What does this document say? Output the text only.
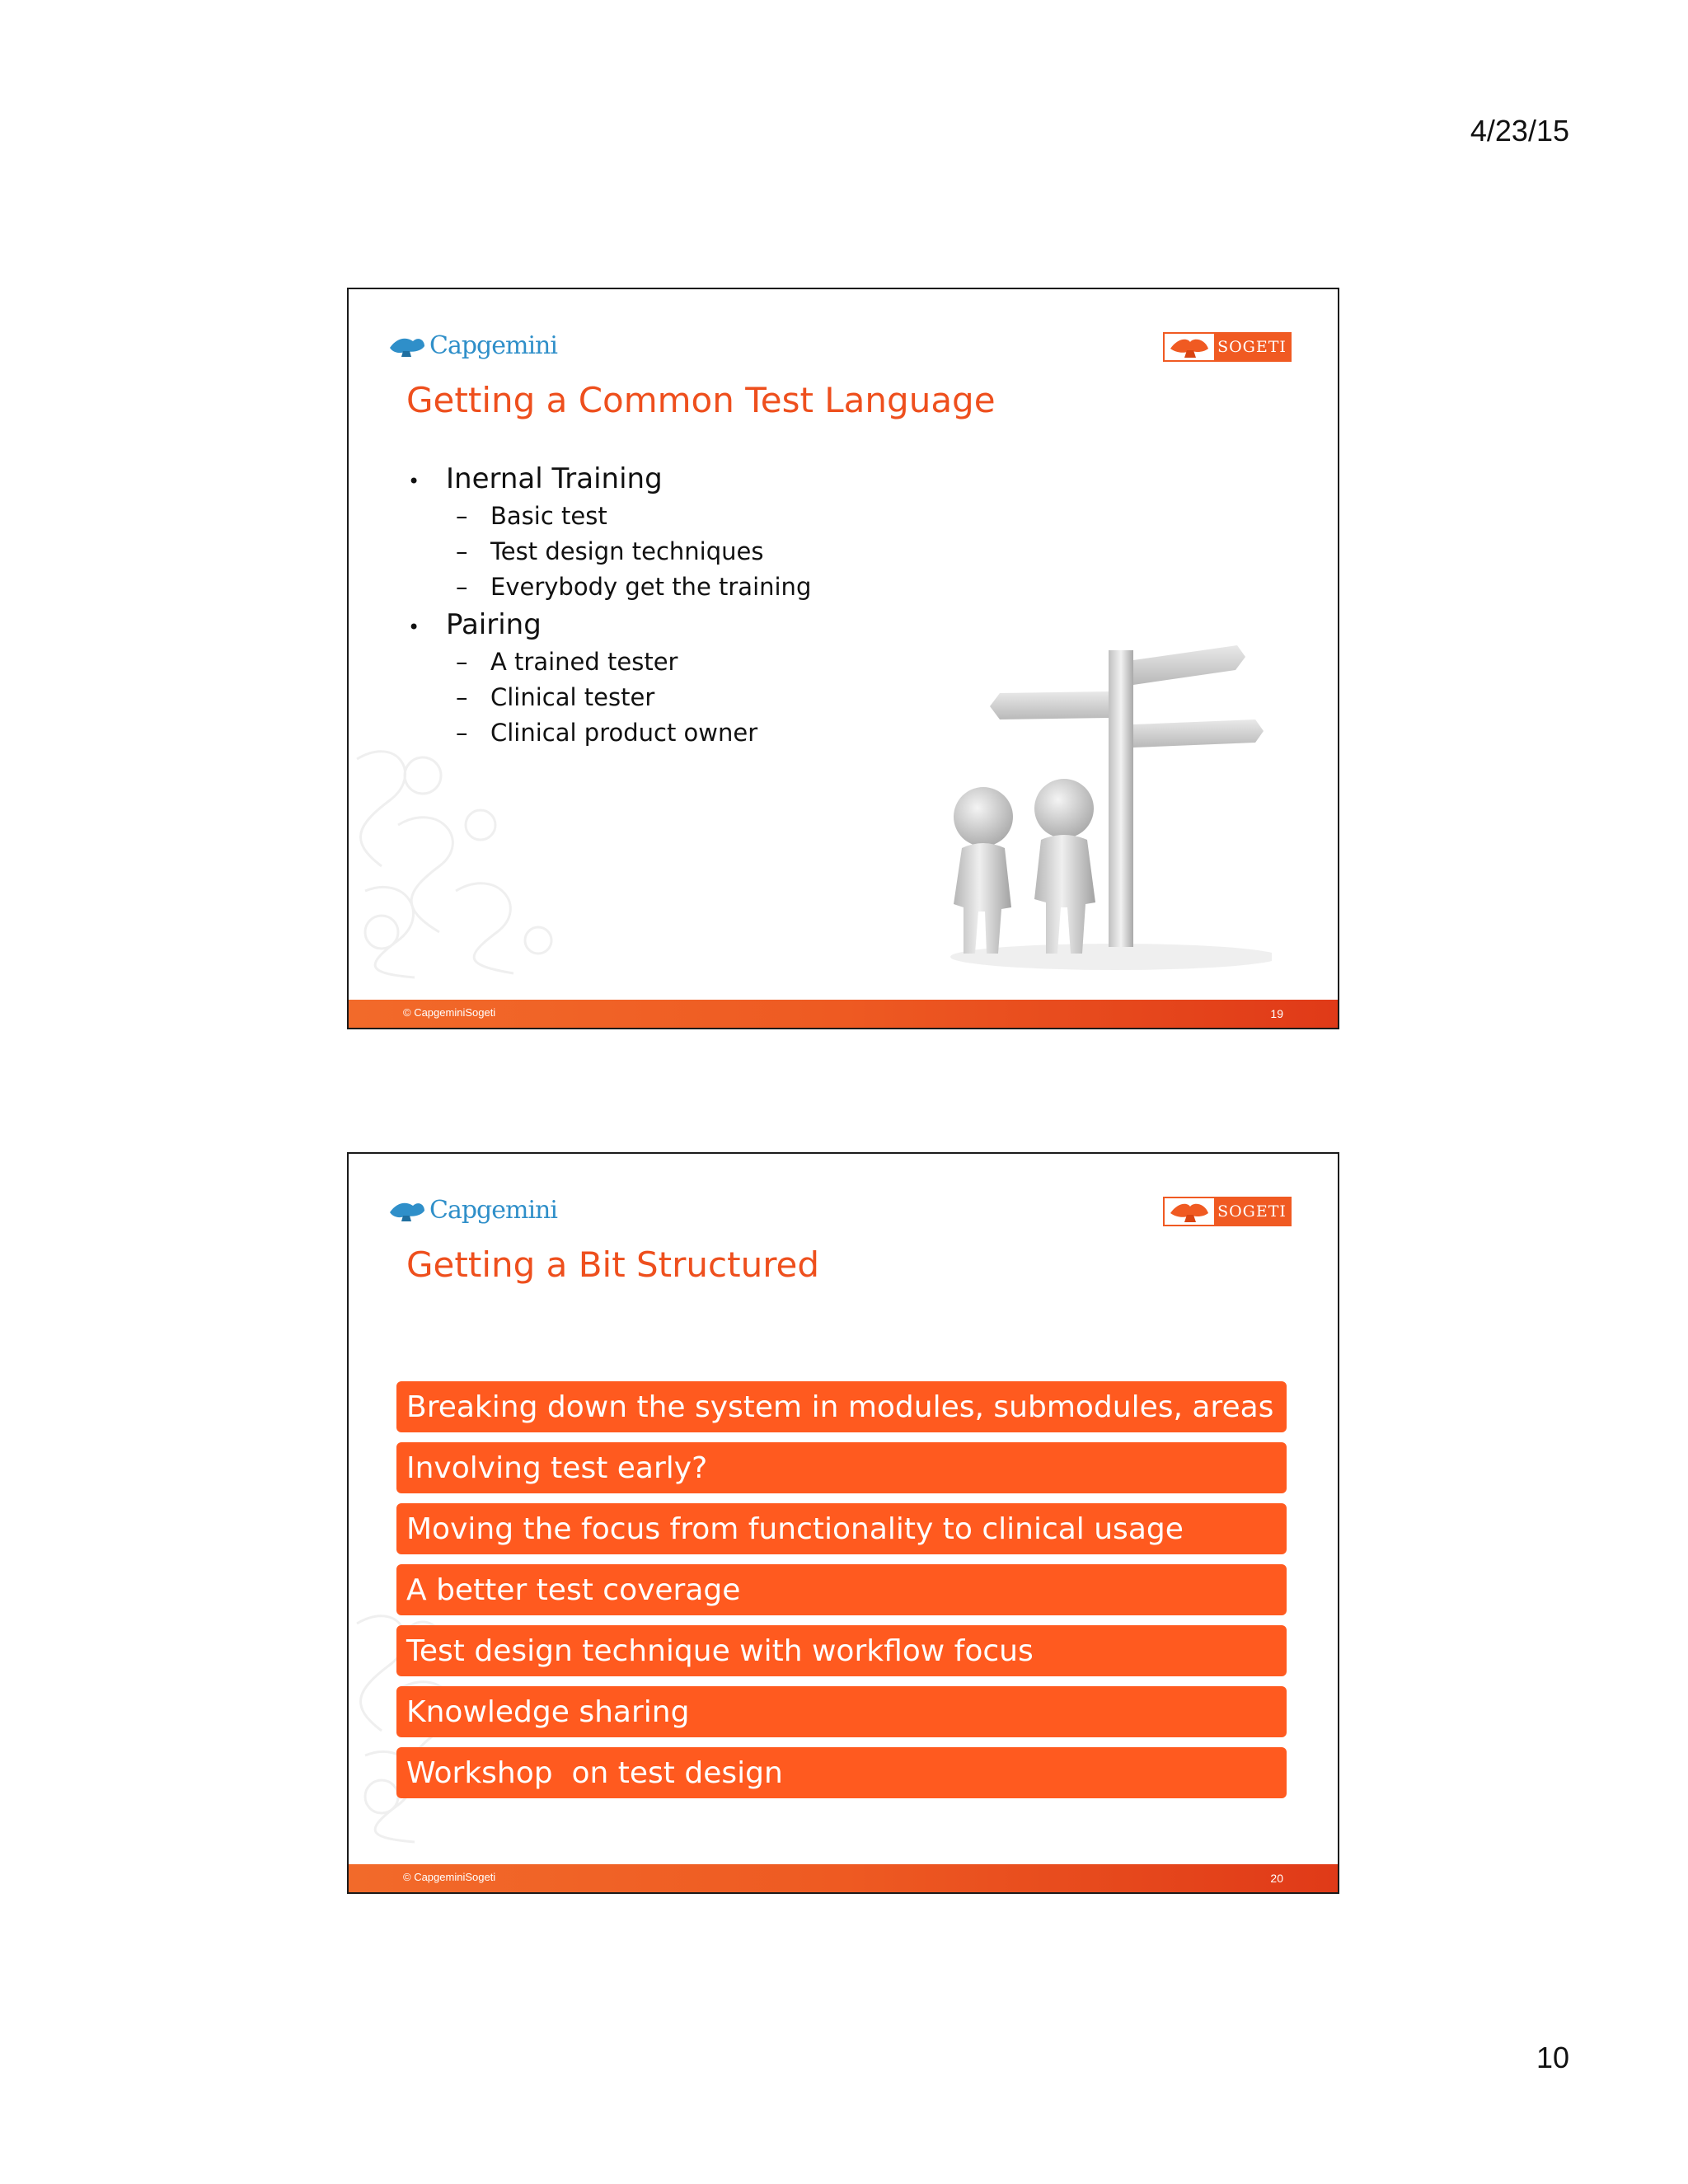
4/23/15
Capgemini	SOGETI
Getting a Common Test Language
• Inernal Training
– Basic test
– Test design techniques
– Everybody get the training
• Pairing
– A trained tester
– Clinical tester
– Clinical product owner
© CapgeminiSogeti	19
Capgemini	SOGETI
Getting a Bit Structured
Breaking down the system in modules, submodules, areas
Involving test early?
Moving the focus from functionality to clinical usage
A better test coverage
Test design technique with workflow focus
Knowledge sharing
Workshop  on test design
© CapgeminiSogeti	20
10
